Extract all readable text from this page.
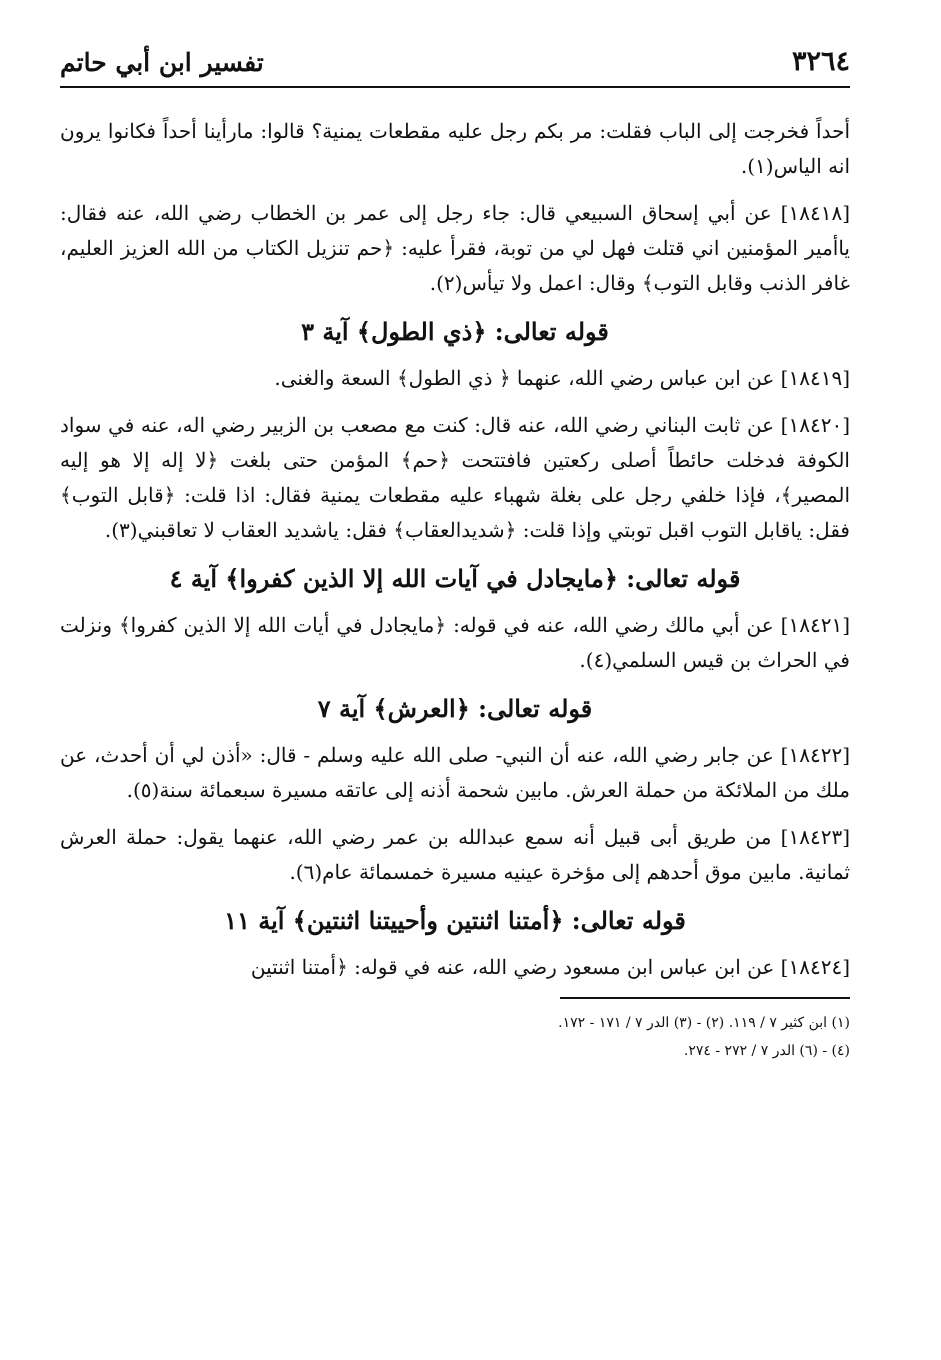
٣٢٦٤
تفسير ابن أبي حاتم

أحداً فخرجت إلى الباب فقلت: مر بكم رجل عليه مقطعات يمنية؟ قالوا: مارأينا أحداً فكانوا يرون انه الياس(١).

[١٨٤١٨] عن أبي إسحاق السبيعي قال: جاء رجل إلى عمر بن الخطاب رضي الله، عنه فقال: ياأمير المؤمنين اني قتلت فهل لي من توبة، فقرأ عليه: ﴿حم تنزيل الكتاب من الله العزيز العليم، غافر الذنب وقابل التوب﴾ وقال: اعمل ولا تيأس(٢).

قوله تعالى: ﴿ذي الطول﴾ آية ٣

[١٨٤١٩] عن ابن عباس رضي الله، عنهما ﴿ ذي الطول﴾ السعة والغنى.

[١٨٤٢٠] عن ثابت البناني رضي الله، عنه قال: كنت مع مصعب بن الزبير رضي اله، عنه في سواد الكوفة فدخلت حائطاً أصلى ركعتين فافتتحت ﴿حم﴾ المؤمن حتى بلغت ﴿لا إله إلا هو إليه المصير﴾، فإذا خلفي رجل على بغلة شهباء عليه مقطعات يمنية فقال: اذا قلت: ﴿قابل التوب﴾ فقل: ياقابل التوب اقبل توبتي وإذا قلت: ﴿شديدالعقاب﴾ فقل: ياشديد العقاب لا تعاقبني(٣).

قوله تعالى: ﴿مايجادل في آيات الله إلا الذين كفروا﴾ آية ٤

[١٨٤٢١] عن أبي مالك رضي الله، عنه في قوله: ﴿مايجادل في أيات الله إلا الذين كفروا﴾ ونزلت في الحراث بن قيس السلمي(٤).

قوله تعالى: ﴿العرش﴾ آية ٧

[١٨٤٢٢] عن جابر رضي الله، عنه أن النبي- صلى الله عليه وسلم - قال: «أذن لي أن أحدث، عن ملك من الملائكة من حملة العرش. مابين شحمة أذنه إلى عاتقه مسيرة سبعمائة سنة(٥).

[١٨٤٢٣] من طريق أبى قبيل أنه سمع عبدالله بن عمر رضي الله، عنهما يقول: حملة العرش ثمانية. مابين موق أحدهم إلى مؤخرة عينيه مسيرة خمسمائة عام(٦).

قوله تعالى: ﴿أمتنا اثنتين وأحييتنا اثنتين﴾ آية ١١

[١٨٤٢٤] عن ابن عباس ابن مسعود رضي الله، عنه في قوله: ﴿أمتنا اثنتين

(١) ابن كثير ٧ / ١١٩. (٢) - (٣) الدر ٧ / ١٧١ - ١٧٢.

(٤) - (٦) الدر ٧ / ٢٧٢ - ٢٧٤.
